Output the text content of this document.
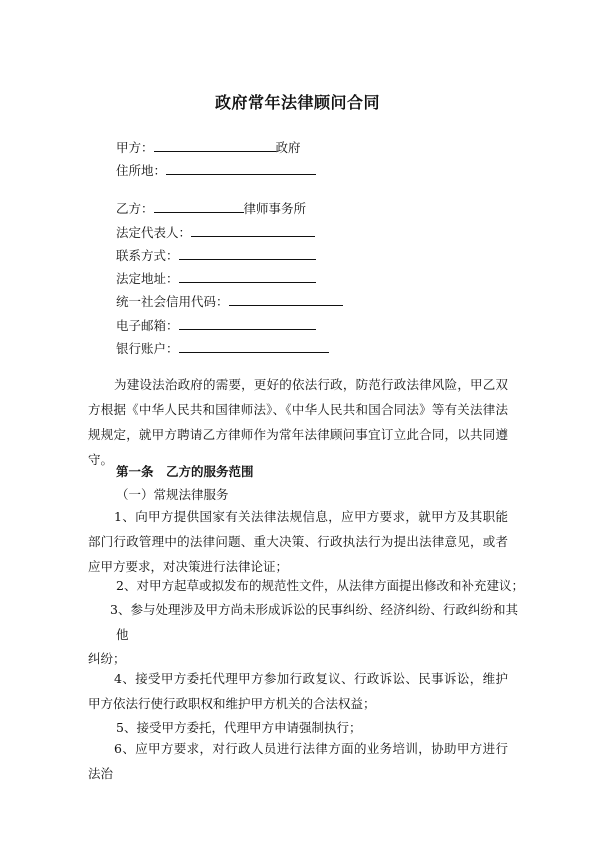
政府常年法律顾问合同
甲方：	政府
住所地：
乙方：	律师事务所
法定代表人：
联系方式：
法定地址：
统一社会信用代码：
电子邮箱：
银行账户：
为建设法治政府的需要，更好的依法行政，防范行政法律风险，甲乙双方根据《中华人民共和国律师法》、《中华人民共和国合同法》等有关法律法规规定，就甲方聘请乙方律师作为常年法律顾问事宜订立此合同，以共同遵守。
第一条　乙方的服务范围
（一）常规法律服务
1、向甲方提供国家有关法律法规信息，应甲方要求，就甲方及其职能部门行政管理中的法律问题、重大决策、行政执法行为提出法律意见，或者应甲方要求，对决策进行法律论证；
2、对甲方起草或拟发布的规范性文件，从法律方面提出修改和补充建议；
3、参与处理涉及甲方尚未形成诉讼的民事纠纷、经济纠纷、行政纠纷和其
他
纠纷；
4、接受甲方委托代理甲方参加行政复议、行政诉讼、民事诉讼，维护甲方依法行使行政职权和维护甲方机关的合法权益；
5、接受甲方委托，代理甲方申请强制执行；
6、应甲方要求，对行政人员进行法律方面的业务培训，协助甲方进行法治
